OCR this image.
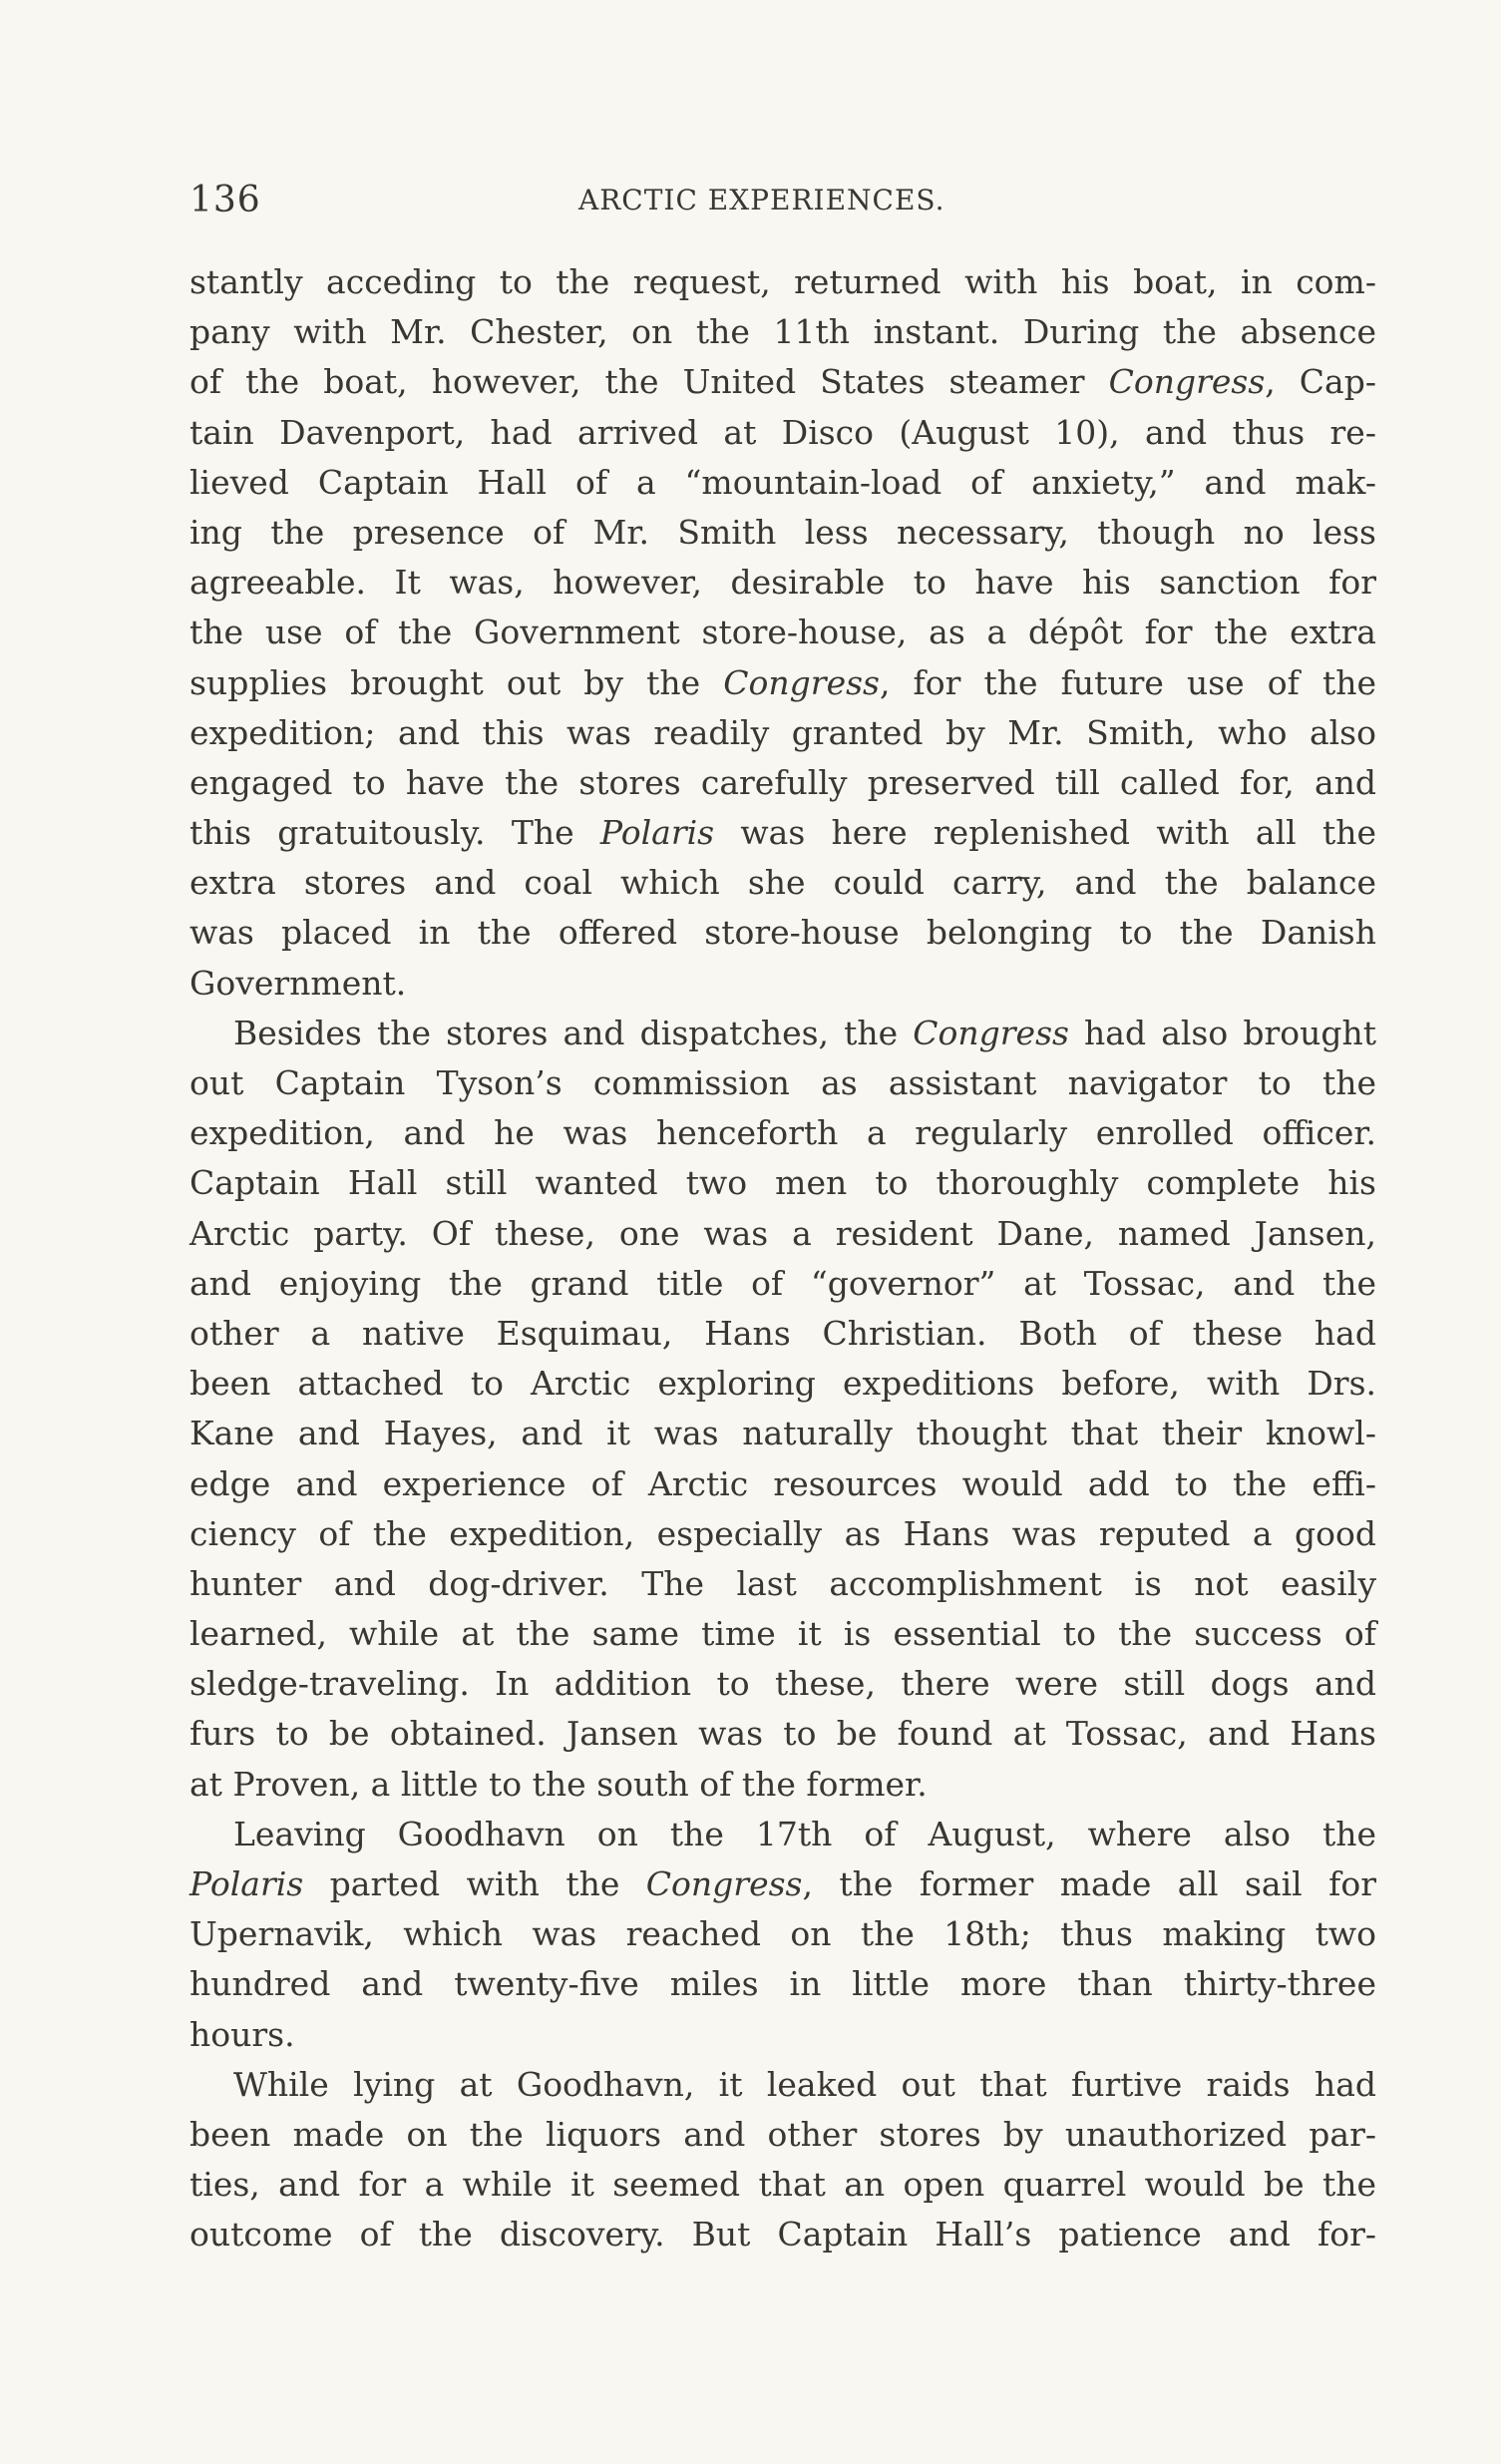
136	ARCTIC EXPERIENCES.
stantly acceding to the request, returned with his boat, in com-
pany with Mr. Chester, on the 11th instant. During the absence
of the boat, however, the United States steamer Congress, Cap-
tain Davenport, had arrived at Disco (August 10), and thus re-
lieved Captain Hall of a “mountain-load of anxiety,” and mak-
ing the presence of Mr. Smith less necessary, though no less
agreeable. It was, however, desirable to have his sanction for
the use of the Government store-house, as a dépôt for the extra
supplies brought out by the Congress, for the future use of the
expedition; and this was readily granted by Mr. Smith, who also
engaged to have the stores carefully preserved till called for, and
this gratuitously. The Polaris was here replenished with all the
extra stores and coal which she could carry, and the balance
was placed in the offered store-house belonging to the Danish
Government.
Besides the stores and dispatches, the Congress had also brought
out Captain Tyson’s commission as assistant navigator to the
expedition, and he was henceforth a regularly enrolled officer.
Captain Hall still wanted two men to thoroughly complete his
Arctic party. Of these, one was a resident Dane, named Jansen,
and enjoying the grand title of “governor” at Tossac, and the
other a native Esquimau, Hans Christian. Both of these had
been attached to Arctic exploring expeditions before, with Drs.
Kane and Hayes, and it was naturally thought that their knowl-
edge and experience of Arctic resources would add to the effi-
ciency of the expedition, especially as Hans was reputed a good
hunter and dog-driver. The last accomplishment is not easily
learned, while at the same time it is essential to the success of
sledge-traveling. In addition to these, there were still dogs and
furs to be obtained. Jansen was to be found at Tossac, and Hans
at Proven, a little to the south of the former.
Leaving Goodhavn on the 17th of August, where also the
Polaris parted with the Congress, the former made all sail for
Upernavik, which was reached on the 18th; thus making two
hundred and twenty-five miles in little more than thirty-three
hours.
While lying at Goodhavn, it leaked out that furtive raids had
been made on the liquors and other stores by unauthorized par-
ties, and for a while it seemed that an open quarrel would be the
outcome of the discovery. But Captain Hall’s patience and for-
